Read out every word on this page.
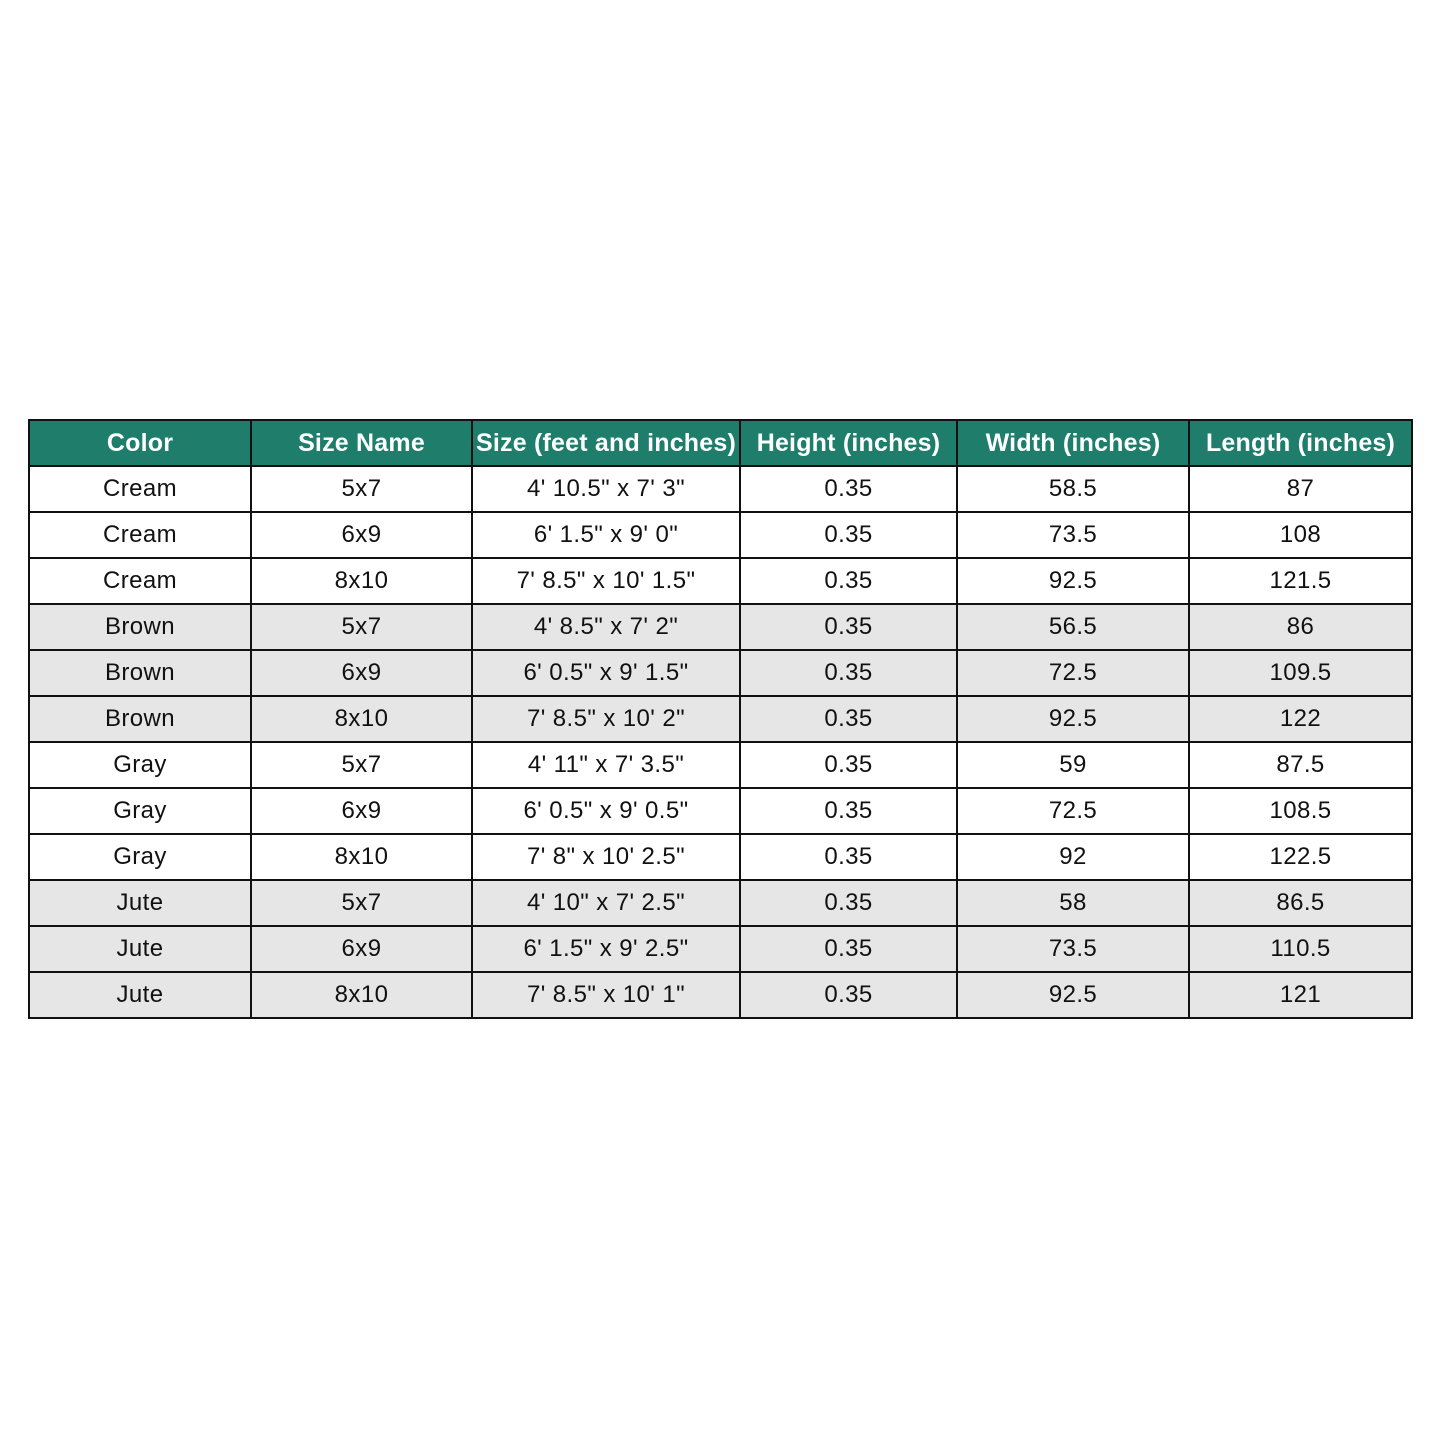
Color	Size Name	Size (feet and inches)	Height (inches)	Width (inches)	Length (inches)
Cream	5x7	4' 10.5" x 7' 3"	0.35	58.5	87
Cream	6x9	6' 1.5" x 9' 0"	0.35	73.5	108
Cream	8x10	7' 8.5" x 10' 1.5"	0.35	92.5	121.5
Brown	5x7	4' 8.5" x 7' 2"	0.35	56.5	86
Brown	6x9	6' 0.5" x 9' 1.5"	0.35	72.5	109.5
Brown	8x10	7' 8.5" x 10' 2"	0.35	92.5	122
Gray	5x7	4' 11" x 7' 3.5"	0.35	59	87.5
Gray	6x9	6' 0.5" x 9' 0.5"	0.35	72.5	108.5
Gray	8x10	7' 8" x 10' 2.5"	0.35	92	122.5
Jute	5x7	4' 10" x 7' 2.5"	0.35	58	86.5
Jute	6x9	6' 1.5" x 9' 2.5"	0.35	73.5	110.5
Jute	8x10	7' 8.5" x 10' 1"	0.35	92.5	121
